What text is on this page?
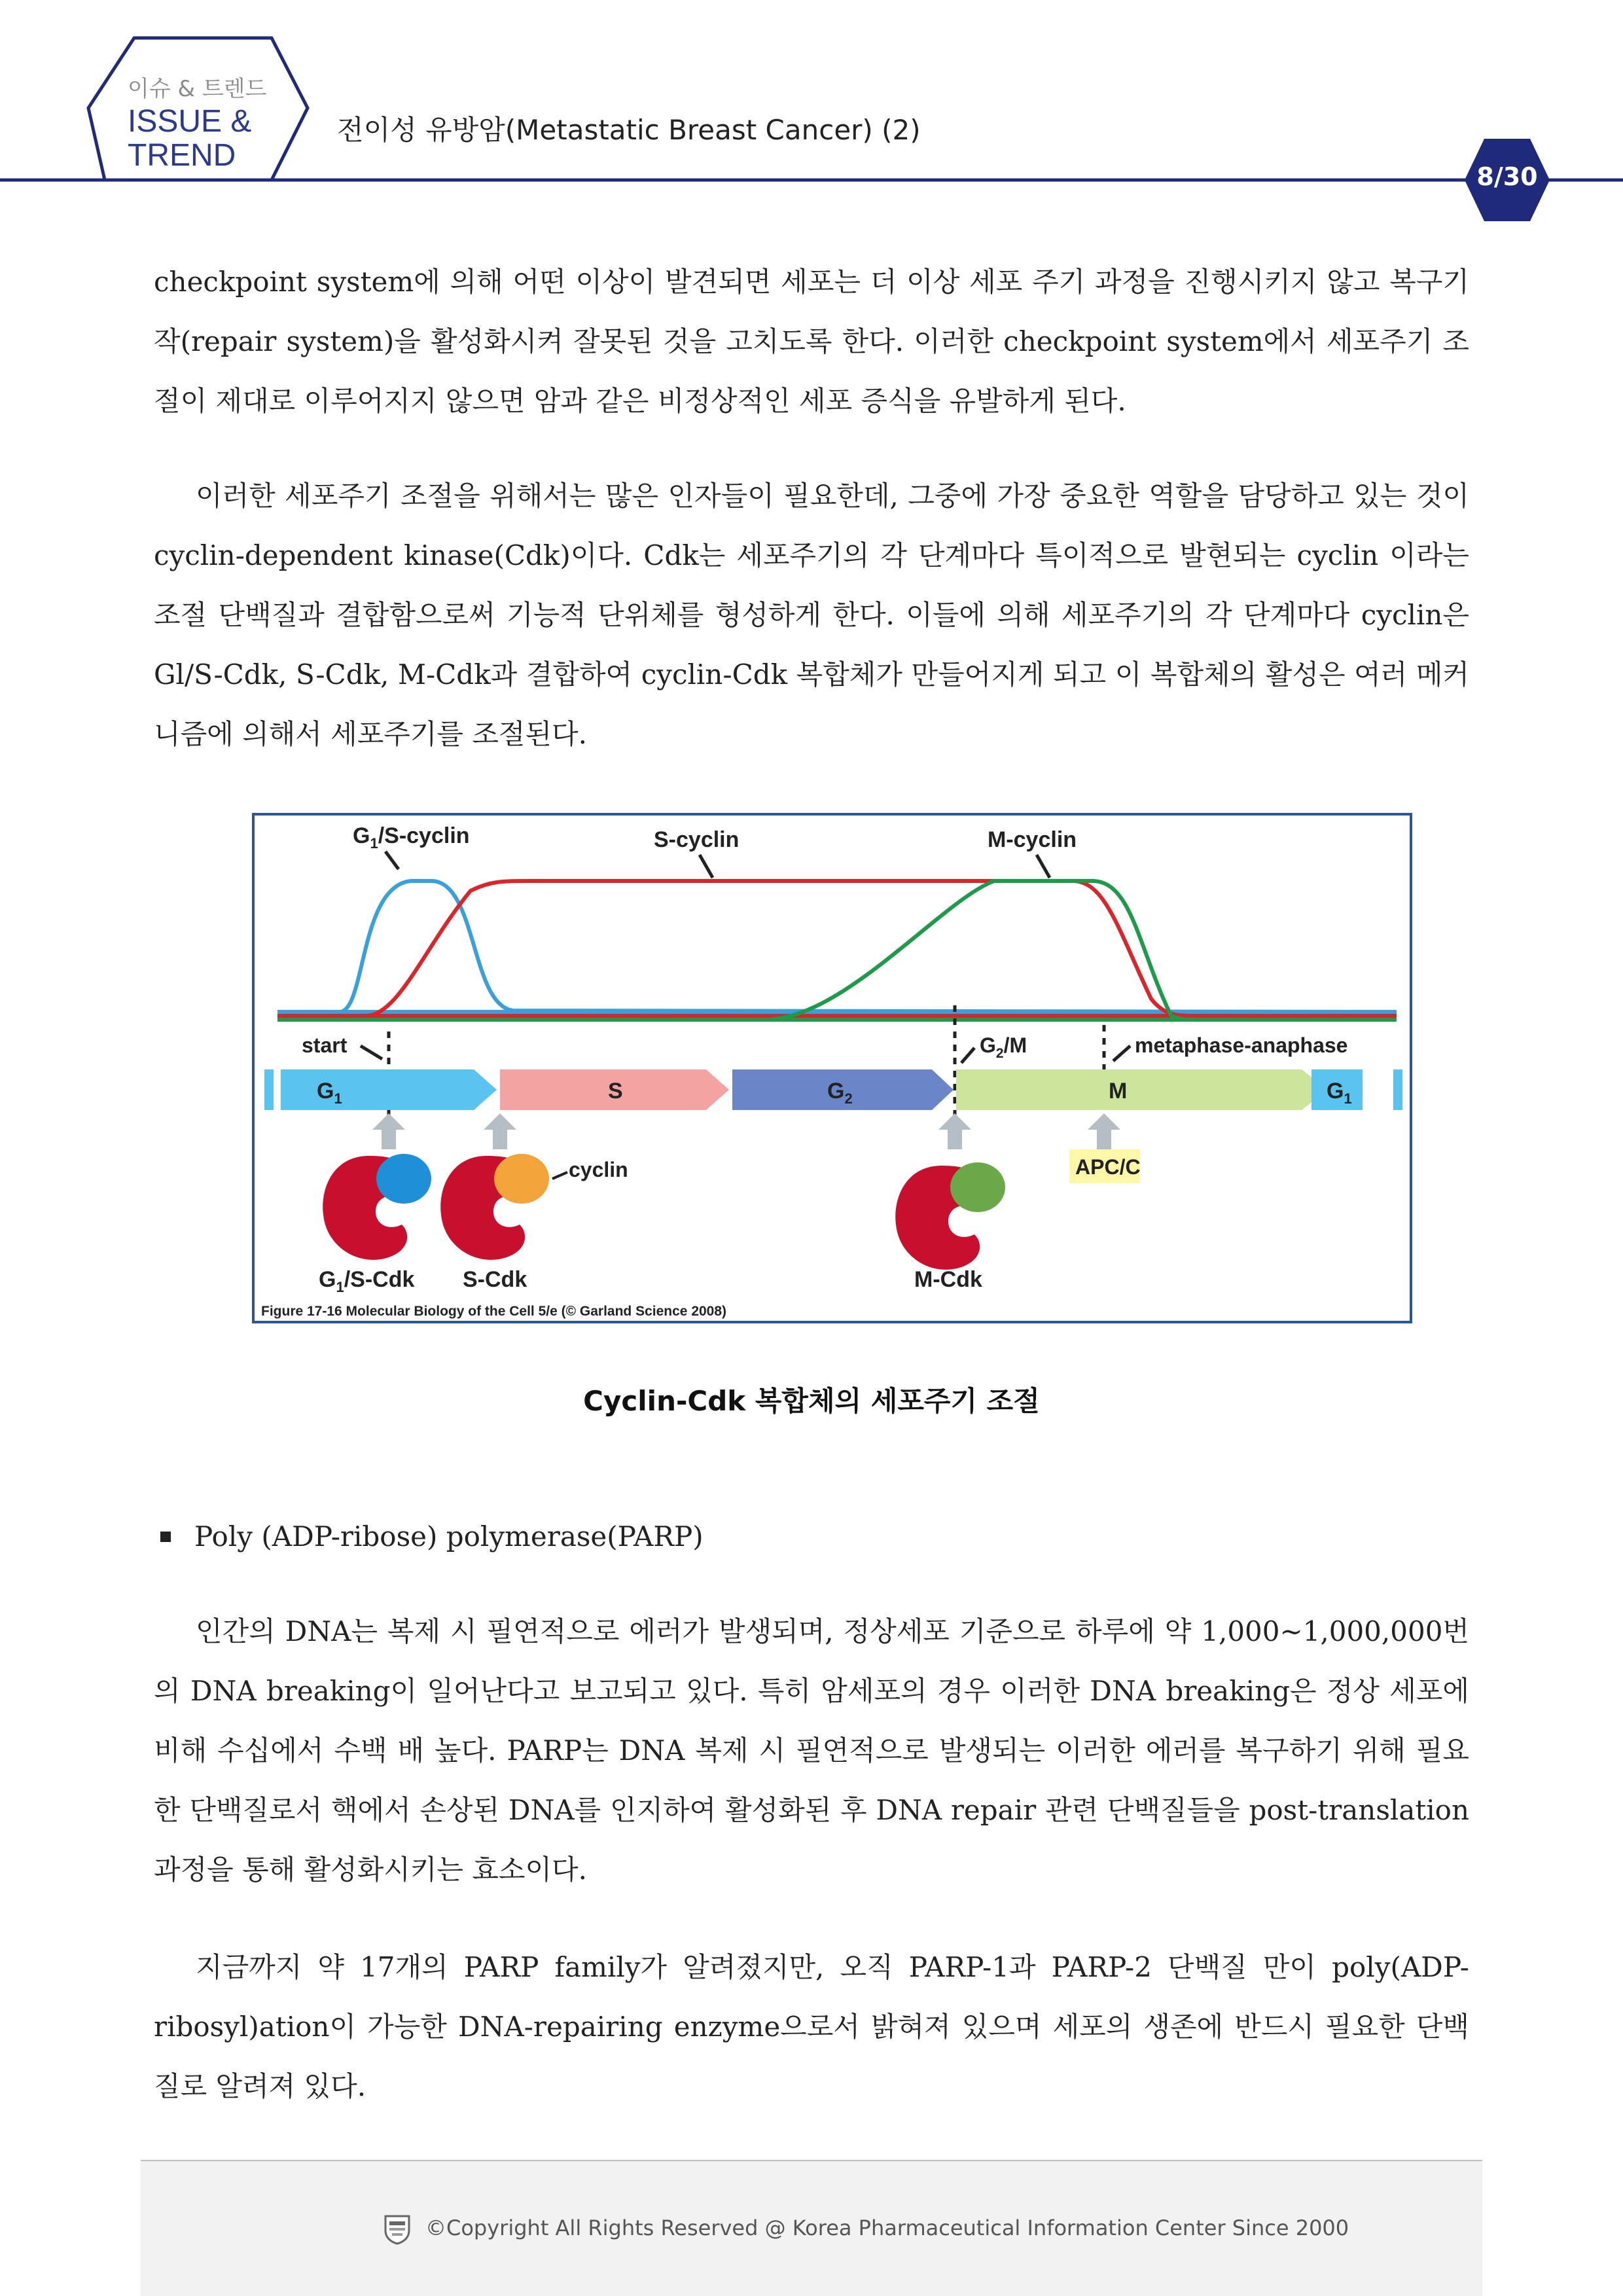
이슈 & 트렌드
ISSUE &
TREND
전이성 유방암(Metastatic Breast Cancer) (2)
8/30

checkpoint system에 의해 어떤 이상이 발견되면 세포는 더 이상 세포 주기 과정을 진행시키지 않고 복구기작(repair system)을 활성화시켜 잘못된 것을 고치도록 한다. 이러한 checkpoint system에서 세포주기 조절이 제대로 이루어지지 않으면 암과 같은 비정상적인 세포 증식을 유발하게 된다.

이러한 세포주기 조절을 위해서는 많은 인자들이 필요한데, 그중에 가장 중요한 역할을 담당하고 있는 것이 cyclin-dependent kinase(Cdk)이다. Cdk는 세포주기의 각 단계마다 특이적으로 발현되는 cyclin 이라는 조절 단백질과 결합함으로써 기능적 단위체를 형성하게 한다. 이들에 의해 세포주기의 각 단계마다 cyclin은 Gl/S-Cdk, S-Cdk, M-Cdk과 결합하여 cyclin-Cdk 복합체가 만들어지게 되고 이 복합체의 활성은 여러 메커니즘에 의해서 세포주기를 조절된다.

$G_1/S$-cyclin	S-cyclin	M-cyclin
start	$G_2/M$	metaphase-anaphase
$G_1$	S	$G_2$	M	$G_1$
cyclin	APC/C
$G_1/S$-Cdk S-Cdk	M-Cdk
Figure 17-16 Molecular Biology of the Cell 5/e (© Garland Science 2008)
Cyclin-Cdk 복합체의 세포주기 조절
Poly (ADP-ribose) polymerase(PARP)

인간의 DNA는 복제 시 필연적으로 에러가 발생되며, 정상세포 기준으로 하루에 약 1,000~1,000,000번의 DNA breaking이 일어난다고 보고되고 있다. 특히 암세포의 경우 이러한 DNA breaking은 정상 세포에 비해 수십에서 수백 배 높다. PARP는 DNA 복제 시 필연적으로 발생되는 이러한 에러를 복구하기 위해 필요한 단백질로서 핵에서 손상된 DNA를 인지하여 활성화된 후 DNA repair 관련 단백질들을 post-translation 과정을 통해 활성화시키는 효소이다.

지금까지 약 17개의 PARP family가 알려졌지만, 오직 PARP-1과 PARP-2 단백질 만이 poly(ADP-ribosyl)ation이 가능한 DNA-repairing enzyme으로서 밝혀져 있으며 세포의 생존에 반드시 필요한 단백질로 알려져 있다.

©Copyright All Rights Reserved @ Korea Pharmaceutical Information Center Since 2000
